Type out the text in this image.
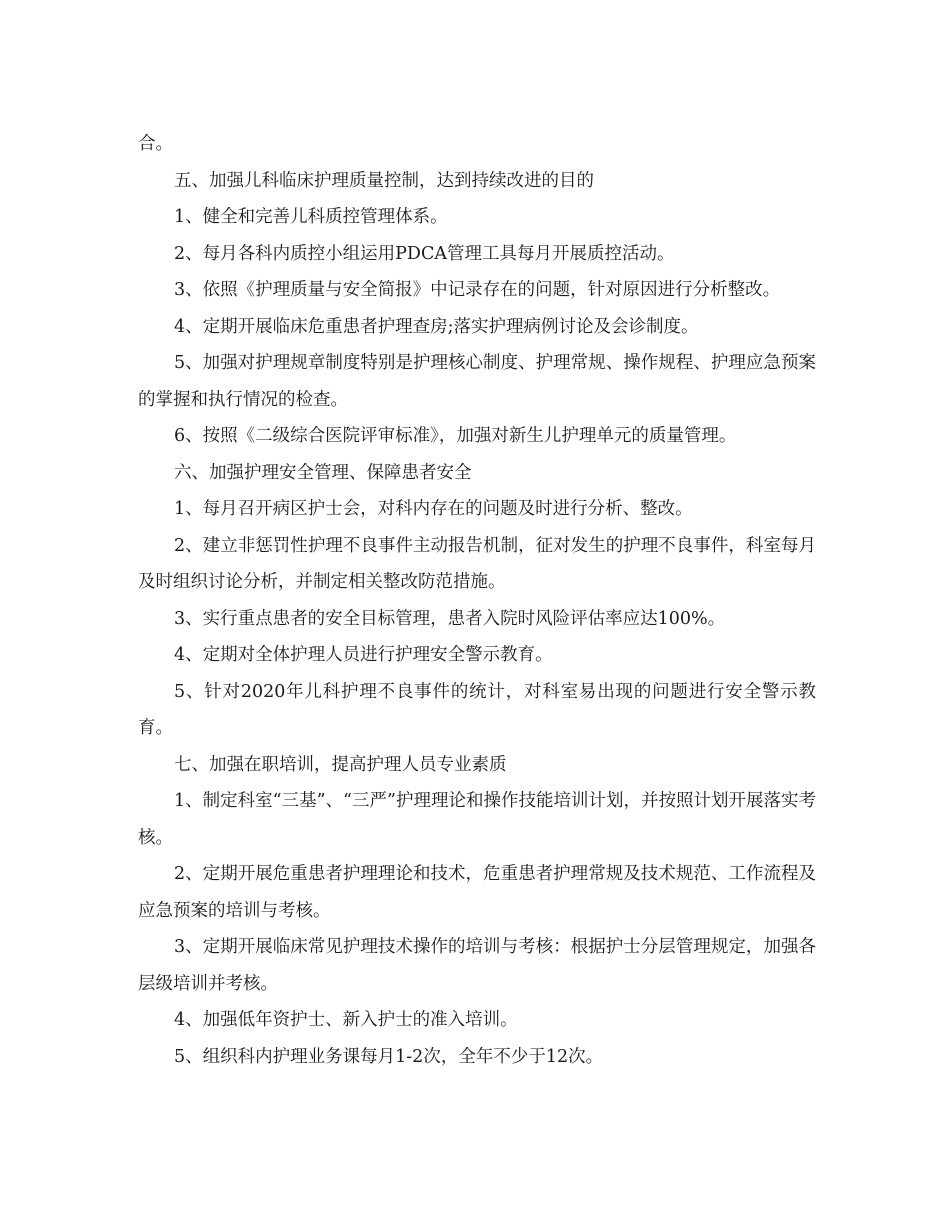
合。

五、加强儿科临床护理质量控制，达到持续改进的目的

1、健全和完善儿科质控管理体系。

2、每月各科内质控小组运用PDCA管理工具每月开展质控活动。

3、依照《护理质量与安全简报》中记录存在的问题，针对原因进行分析整改。

4、定期开展临床危重患者护理查房;落实护理病例讨论及会诊制度。

5、加强对护理规章制度特别是护理核心制度、护理常规、操作规程、护理应急预案的掌握和执行情况的检查。

6、按照《二级综合医院评审标准》，加强对新生儿护理单元的质量管理。

六、加强护理安全管理、保障患者安全

1、每月召开病区护士会，对科内存在的问题及时进行分析、整改。

2、建立非惩罚性护理不良事件主动报告机制，征对发生的护理不良事件，科室每月及时组织讨论分析，并制定相关整改防范措施。

3、实行重点患者的安全目标管理，患者入院时风险评估率应达100%。

4、定期对全体护理人员进行护理安全警示教育。

5、针对2020年儿科护理不良事件的统计，对科室易出现的问题进行安全警示教育。

七、加强在职培训，提高护理人员专业素质

1、制定科室“三基”、“三严”护理理论和操作技能培训计划，并按照计划开展落实考核。

2、定期开展危重患者护理理论和技术，危重患者护理常规及技术规范、工作流程及应急预案的培训与考核。

3、定期开展临床常见护理技术操作的培训与考核：根据护士分层管理规定，加强各层级培训并考核。

4、加强低年资护士、新入护士的准入培训。

5、组织科内护理业务课每月1-2次，全年不少于12次。
